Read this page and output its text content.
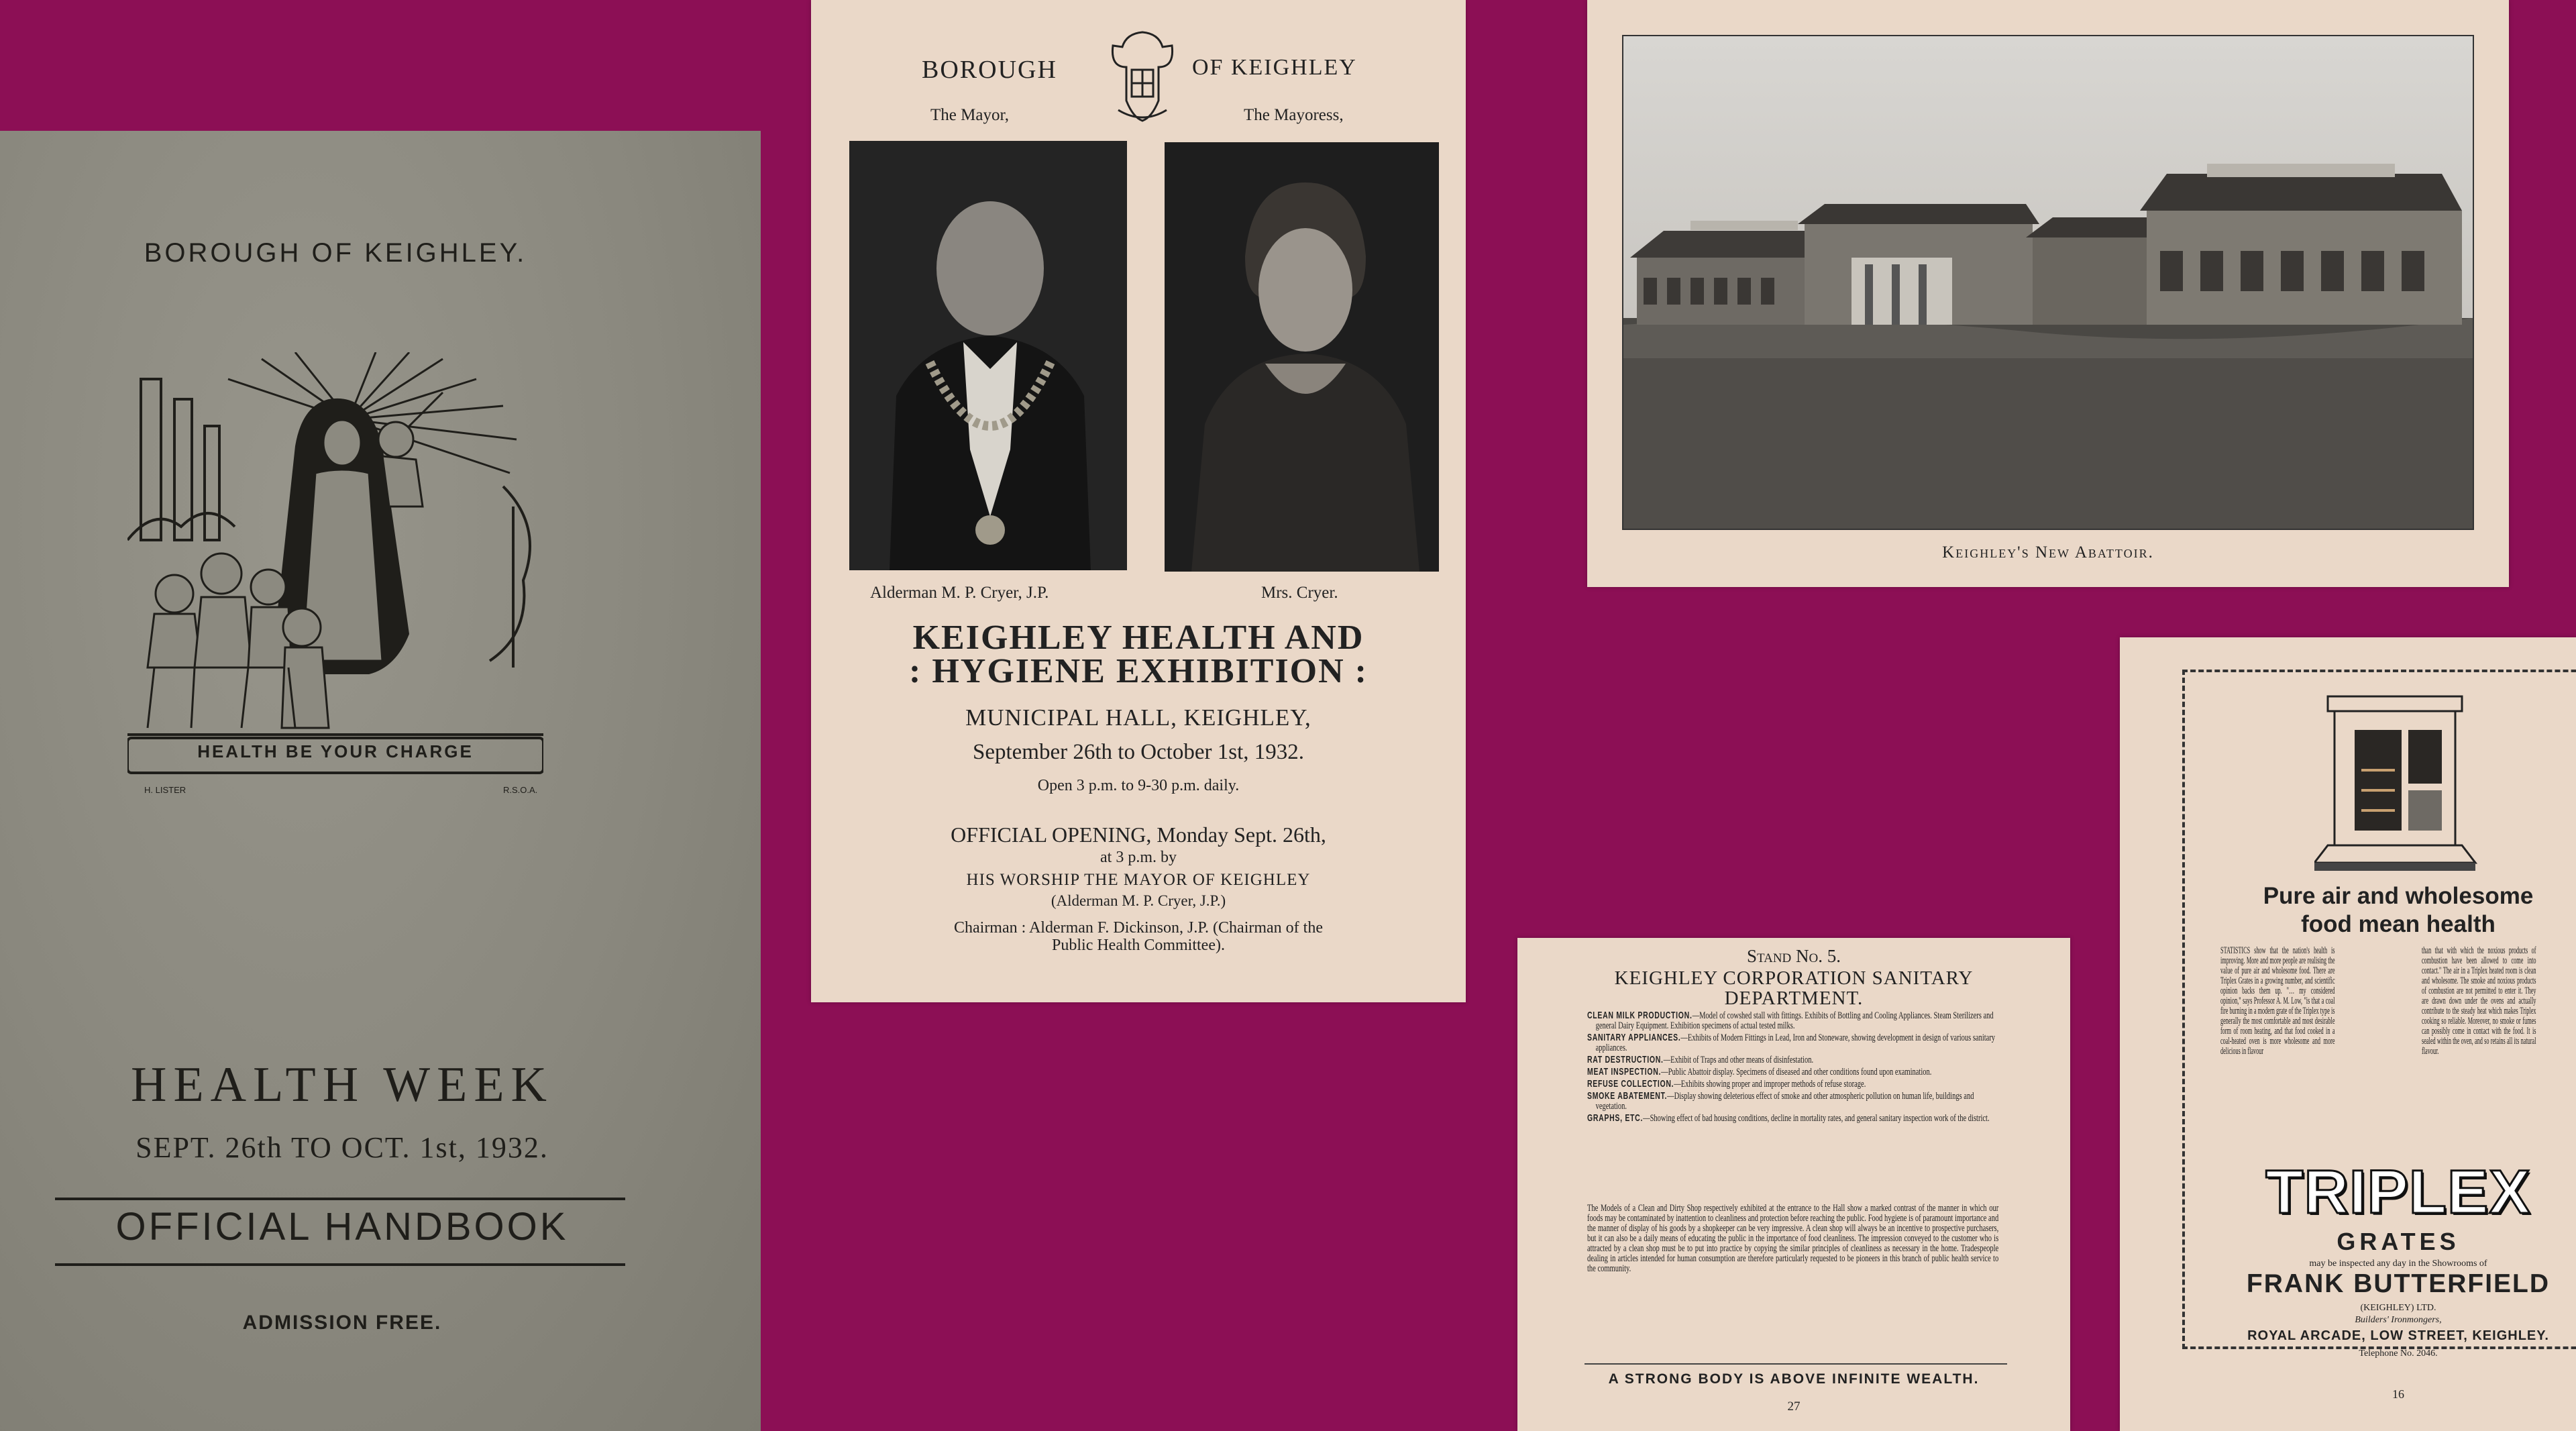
BOROUGH OF KEIGHLEY.
HEALTH BE YOUR CHARGE
H. LISTER	R.S.O.A.
HEALTH WEEK
SEPT. 26th TO OCT. 1st, 1932.
OFFICIAL HANDBOOK
ADMISSION FREE.
BOROUGH	OF KEIGHLEY
The Mayor,	The Mayoress,
Alderman M. P. Cryer, J.P.	Mrs. Cryer.
KEIGHLEY HEALTH AND
: HYGIENE EXHIBITION :
MUNICIPAL HALL, KEIGHLEY,
September 26th to October 1st, 1932.
Open 3 p.m. to 9-30 p.m. daily.
OFFICIAL OPENING, Monday Sept. 26th,
at 3 p.m. by
HIS WORSHIP THE MAYOR OF KEIGHLEY
(Alderman M. P. Cryer, J.P.)
Chairman : Alderman F. Dickinson, J.P. (Chairman of the
Public Health Committee).
Keighley's New Abattoir.
Stand No. 5.
KEIGHLEY CORPORATION SANITARY
DEPARTMENT.

CLEAN MILK PRODUCTION.—Model of cowshed stall with fittings. Exhibits of Bottling and Cooling Appliances. Steam Sterilizers and general Dairy Equipment. Exhibition specimens of actual tested milks.

SANITARY APPLIANCES.—Exhibits of Modern Fittings in Lead, Iron and Stoneware, showing development in design of various sanitary appliances.

RAT DESTRUCTION.—Exhibit of Traps and other means of disinfestation.

MEAT INSPECTION.—Public Abattoir display. Specimens of diseased and other conditions found upon examination.

REFUSE COLLECTION.—Exhibits showing proper and improper methods of refuse storage.

SMOKE ABATEMENT.—Display showing deleterious effect of smoke and other atmospheric pollution on human life, buildings and vegetation.

GRAPHS, ETC.—Showing effect of bad housing conditions, decline in mortality rates, and general sanitary inspection work of the district.

The Models of a Clean and Dirty Shop respectively exhibited at the entrance to the Hall show a marked contrast of the manner in which our foods may be contaminated by inattention to cleanliness and protection before reaching the public. Food hygiene is of paramount importance and the manner of display of his goods by a shopkeeper can be very impressive. A clean shop will always be an incentive to prospective purchasers, but it can also be a daily means of educating the public in the importance of food cleanliness. The impression conveyed to the customer who is attracted by a clean shop must be to put into practice by copying the similar principles of cleanliness as necessary in the home. Tradespeople dealing in articles intended for human consumption are therefore particularly requested to be pioneers in this branch of public health service to the community.
A STRONG BODY IS ABOVE INFINITE WEALTH.
27
Pure air and wholesome
food mean health
STATISTICS show that the nation's health is improving. More and more people are realising the value of pure air and wholesome food. There are Triplex Grates in a growing number, and scientific opinion backs them up. "… my considered opinion," says Professor A. M. Low, "is that a coal fire burning in a modern grate of the Triplex type is generally the most comfortable and most desirable form of room heating, and that food cooked in a coal-heated oven is more wholesome and more delicious in flavour
than that with which the noxious products of combustion have been allowed to come into contact." The air in a Triplex heated room is clean and wholesome. The smoke and noxious products of combustion are not permitted to enter it. They are drawn down under the ovens and actually contribute to the steady heat which makes Triplex cooking so reliable. Moreover, no smoke or fumes can possibly come in contact with the food. It is sealed within the oven, and so retains all its natural flavour.
TRIPLEX
GRATES
may be inspected any day in the Showrooms of
FRANK BUTTERFIELD
(KEIGHLEY) LTD.
Builders' Ironmongers,
ROYAL ARCADE, LOW STREET, KEIGHLEY.
Telephone No. 2046.
16
